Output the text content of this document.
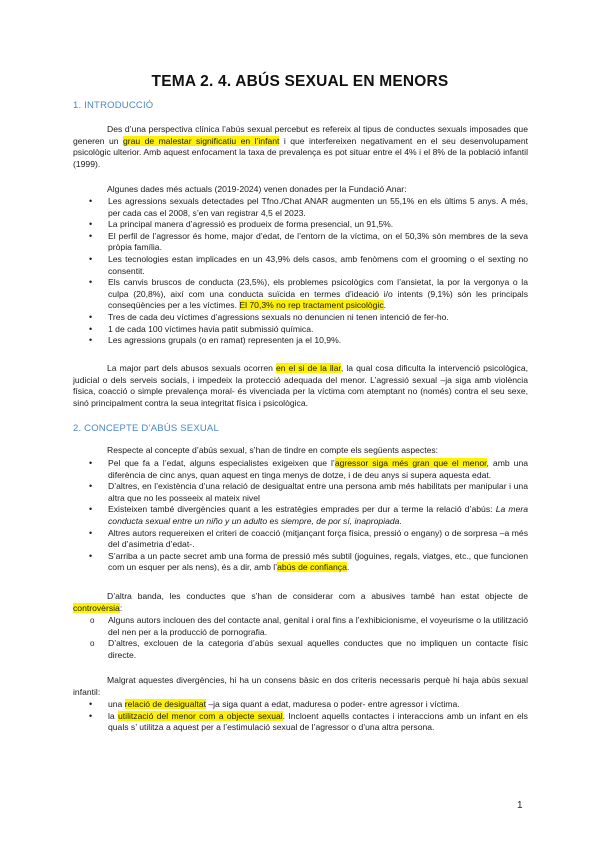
TEMA 2. 4. ABÚS SEXUAL EN MENORS
1. INTRODUCCIÓ
Des d’una perspectiva clínica l’abús sexual percebut es refereix al tipus de conductes sexuals imposades que generen un grau de malestar significatiu en l’infant i que interfereixen negativament en el seu desenvolupament psicològic ulterior. Amb aquest enfocament la taxa de prevalença es pot situar entre el 4% i el 8% de la població infantil (1999).
Algunes dades més actuals (2019-2024) venen donades per la Fundació Anar:
• Les agressions sexuals detectades pel Tfno./Chat ANAR augmenten un 55,1% en els últims 5 anys. A més, per cada cas el 2008, s’en van registrar 4,5 el 2023.
• La principal manera d’agressió es produeix de forma presencial, un 91,5%.
• El perfil de l’agressor és home, major d’edat, de l’entorn de la víctima, on el 50,3% són membres de la seva pròpia família.
• Les tecnologies estan implicades en un 43,9% dels casos, amb fenòmens com el grooming o el sexting no consentit.
• Els canvis bruscos de conducta (23,5%), els problemes psicològics com l’ansietat, la por la vergonya o la culpa (20,8%), així com una conducta suïcida en termes d’ideació i/o intents (9,1%) són les principals conseqüències per a les víctimes. El 70,3% no rep tractament psicològic.
• Tres de cada deu víctimes d’agressions sexuals no denuncien ni tenen intenció de fer-ho.
• 1 de cada 100 víctimes havia patit submissió química.
• Les agressions grupals (o en ramat) representen ja el 10,9%.
La major part dels abusos sexuals ocorren en el si de la llar, la qual cosa dificulta la intervenció psicològica, judicial o dels serveis socials, i impedeix la protecció adequada del menor. L’agressió sexual –ja siga amb violència física, coacció o simple prevalença moral- és vivenciada per la víctima com atemptant no (només) contra el seu sexe, sinó principalment contra la seua integritat física i psicològica.
2. CONCEPTE D’ABÚS SEXUAL
Respecte al concepte d’abús sexual, s’han de tindre en compte els següents aspectes:
• Pel que fa a l’edat, alguns especialistes exigeixen que l’agressor siga més gran que el menor, amb una diferència de cinc anys, quan aquest en tinga menys de dotze, i de deu anys si supera aquesta edat.
• D’altres, en l’existència d’una relació de desigualtat entre una persona amb més habilitats per manipular i una altra que no les posseeix al mateix nivel
• Existeixen també divergències quant a les estratègies emprades per dur a terme la relació d’abús: La mera conducta sexual entre un niño y un adulto es siempre, de por sí, inapropiada.
• Altres autors requereixen el criteri de coacció (mitjançant força física, pressió o engany) o de sorpresa –a més del d’asimetria d’edat-.
• S’arriba a un pacte secret amb una forma de pressió més subtil (joguines, regals, viatges, etc., que funcionen com un esquer per als nens), és a dir, amb l’abús de confiança.
D’altra banda, les conductes que s’han de considerar com a abusives també han estat objecte de controvèrsia:
o Alguns autors inclouen des del contacte anal, genital i oral fins a l’exhibicionisme, el voyeurisme o la utilització del nen per a la producció de pornografia.
o D’altres, exclouen de la categoria d’abús sexual aquelles conductes que no impliquen un contacte físic directe.
Malgrat aquestes divergències, hi ha un consens bàsic en dos criteris necessaris perquè hi haja abús sexual infantil:
• una relació de desigualtat –ja siga quant a edat, maduresa o poder- entre agressor i víctima.
• la utilització del menor com a objecte sexual. Incloent aquells contactes i interaccions amb un infant en els quals s’ utilitza a aquest per a l’estimulació sexual de l’agressor o d’una altra persona.
1
